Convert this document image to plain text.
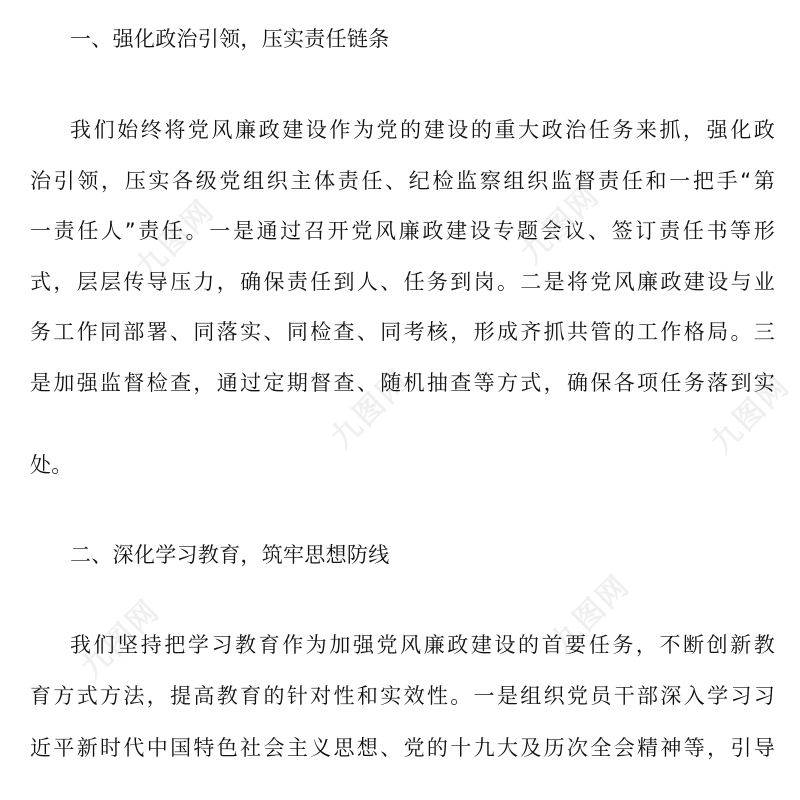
九图网
九图网
九图网
九图网
九图网	九图网
一、强化政治引领，压实责任链条
我们始终将党风廉政建设作为党的建设的重大政治任务来抓，强化政
治引领，压实各级党组织主体责任、纪检监察组织监督责任和一把手“第
一责任人”责任。一是通过召开党风廉政建设专题会议、签订责任书等形
式，层层传导压力，确保责任到人、任务到岗。二是将党风廉政建设与业
务工作同部署、同落实、同检查、同考核，形成齐抓共管的工作格局。三
是加强监督检查，通过定期督查、随机抽查等方式，确保各项任务落到实
处。
二、深化学习教育，筑牢思想防线
我们坚持把学习教育作为加强党风廉政建设的首要任务，不断创新教
育方式方法，提高教育的针对性和实效性。一是组织党员干部深入学习习
近平新时代中国特色社会主义思想、党的十九大及历次全会精神等，引导
